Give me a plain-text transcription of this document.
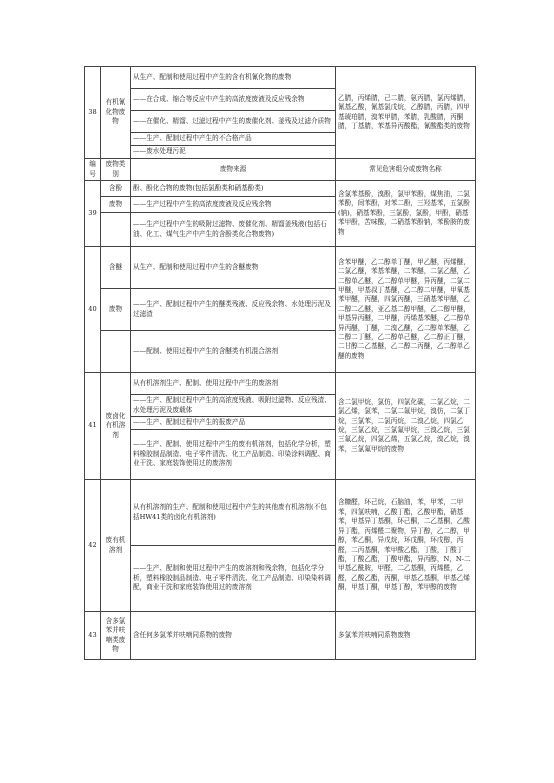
38	有机氰化物废物	从生产、配制和使用过程中产生的含有机氰化物的废物	乙腈，丙烯腈，己二腈，氨丙腈，氯丙烯腈，氰基乙酸，氰基氯戊烷，乙醇腈，丙腈，四甲基琥珀腈，溴苯甲腈，苯腈，乳酸腈，丙酮腈，丁基腈，苯基异丙酸酯，氰酸酯类的废物
		——在合成、缩合等反应中产生的高浓度废液及反应残余物	
		——在催化、精馏、过滤过程中产生的废催化剂、釜残及过滤介质物	
		——生产、配制过程中产生的不合格产品	
		——废水处理污泥	
编号	废物类别	废物来源	常见危害组分或废物名称
39	含酚	酚、酚化合物的废物(包括氯酚类和硝基酚类)	含氯苯基酚，溴酚，氯甲苯酚，煤焦油，二氯苯酚，间苯酚，对苯二酚，三羟基苯，五氯酚(钠)，硝基苯酚，三氯酚，氯酚，甲酚，硝基苯甲酚，苦味酸，二硝基苯酚钠，苯酚胺的废物
	废物	——生产过程中产生的高浓度废液及反应残余物	
		——生产过程中产生的吸附过滤物、废催化剂、精馏釜残液(包括石油、化工、煤气生产中产生的含酚类化合物废物)	
40	含醚	从生产、配制和使用过程中产生的含醚废物	含苯甲醚，乙二醇单丁醚，甲乙醚，丙烯醚，二氯乙醚，苯基苯醚，二苯醚，二氯乙醚，乙二醇单乙醚，乙二醇单甲醚，异丙醚，二氯二甲醚，甲基叔丁基醚，乙二醇二甲醚，甲氧基苯甲醚，丙醚，四氯丙醚，三硝基苯甲醚，乙二醇二乙醚，亚乙基二醇甲醚，乙二醇甲醚，甲基异丙醚，二甲醚，丙烯基苯醚，乙二醇单异丙醚，丁醚，二溴乙醚，乙二醇单苯醚，乙二醇二丁醚，乙二醇单己醚，乙二醇正丁醚，二甘醇二乙基醚，乙二醇二丙醚，乙二醇单乙醚的废物
	废物	——生产、配制过程中产生的醚类残液、反应残余物、水处理污泥及过滤渣	
		——配制、使用过程中产生的含醚类有机混合溶剂	
41	废卤化有机溶剂	从有机溶剂生产、配制、使用过程中产生的废溶剂	含二氯甲烷，氯仿，四氯化碳，二氯乙烷，二氯乙烯，氯苯，二氯二氟甲烷，溴仿，二氯丁烷，三氯苯，二氯丙烷，二溴乙烷，四氯乙烷，三氯乙烷，三氯氟甲烷，三溴乙烷，三氯三氟乙烷，四氯乙烯，五氯乙烷，溴乙烷，溴苯，三氯氟甲烷的废物
		——生产、配制过程中产生的高浓度残液、吸附过滤物、反应残渣、水处理污泥及废载体	
		——生产、配制过程中产生的报废产品	
		——生产、配制、使用过程中产生的废有机溶剂，包括化学分析，塑料橡胶制品制造、电子零件清洗、化工产品制造、印染涂料调配、商业干洗、家庭装饰使用过的废溶剂	
42	废有机溶剂	从有机溶剂的生产、配制和使用过程中产生的其他废有机溶剂(不包括HW41类的卤化有机溶剂)	含糠醛，环己烷，石脑油，苯，甲苯，二甲苯，四氢呋喃，乙酸丁酯，乙酸甲酯，硝基苯，甲基异丁基酮，环己酮，二乙基酮，乙酸异丁酯，丙烯醛二聚物，异丁醇，乙二醇，甲醇，苯乙酮，异戊烷，环戊酮，环戊醇，丙醛，二丙基酮，苯甲酸乙酯，丁酸，丁酸丁酯，丁酸乙酯，丁酸甲酯，异丙醇，N，N-二甲基乙酰胺，甲醛，二乙基酮，丙烯醛，乙醛，乙酸乙酯，丙酮，甲基乙基酮，甲基乙烯酮，甲基丁酮，甲基丁醇，苯甲醇的废物
		——生产、配制和使用过程中产生的废溶剂和残余物，包括化学分析，塑料橡胶制品制造、电子零件清洗、化工产品制造、印染染料调配，商业干洗和家庭装饰使用过的废溶剂	
43	含多氯苯并呋喃类废物	含任何多氯苯并呋喃同系物的废物	多氯苯并呋喃同系物废物
